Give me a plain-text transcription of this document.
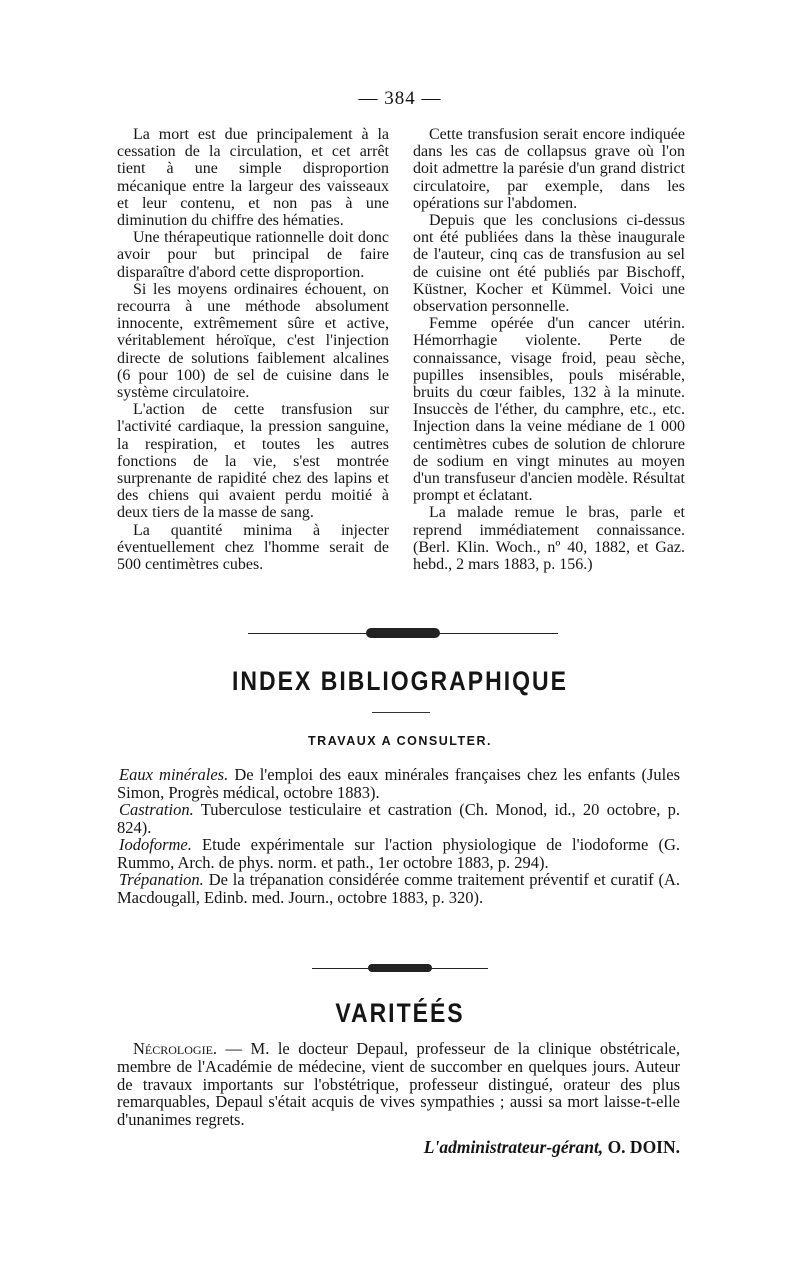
— 384 —

La mort est due principalement à la cessation de la circulation, et cet arrêt tient à une simple disproportion mécanique entre la largeur des vaisseaux et leur contenu, et non pas à une diminution du chiffre des hématies.

Une thérapeutique rationnelle doit donc avoir pour but principal de faire disparaître d'abord cette disproportion.

Si les moyens ordinaires échouent, on recourra à une méthode absolument innocente, extrêmement sûre et active, véritablement héroïque, c'est l'injection directe de solutions faiblement alcalines (6 pour 100) de sel de cuisine dans le système circulatoire.

L'action de cette transfusion sur l'activité cardiaque, la pression sanguine, la respiration, et toutes les autres fonctions de la vie, s'est montrée surprenante de rapidité chez des lapins et des chiens qui avaient perdu moitié à deux tiers de la masse de sang.

La quantité minima à injecter éventuellement chez l'homme serait de 500 centimètres cubes.

Cette transfusion serait encore indiquée dans les cas de collapsus grave où l'on doit admettre la parésie d'un grand district circulatoire, par exemple, dans les opérations sur l'abdomen.

Depuis que les conclusions ci-dessus ont été publiées dans la thèse inaugurale de l'auteur, cinq cas de transfusion au sel de cuisine ont été publiés par Bischoff, Küstner, Kocher et Kümmel. Voici une observation personnelle.

Femme opérée d'un cancer utérin. Hémorrhagie violente. Perte de connaissance, visage froid, peau sèche, pupilles insensibles, pouls misérable, bruits du cœur faibles, 132 à la minute. Insuccès de l'éther, du camphre, etc., etc. Injection dans la veine médiane de 1 000 centimètres cubes de solution de chlorure de sodium en vingt minutes au moyen d'un transfuseur d'ancien modèle. Résultat prompt et éclatant.

La malade remue le bras, parle et reprend immédiatement connaissance. (Berl. Klin. Woch., nº 40, 1882, et Gaz. hebd., 2 mars 1883, p. 156.)

INDEX BIBLIOGRAPHIQUE
TRAVAUX A CONSULTER.

Eaux minérales. De l'emploi des eaux minérales françaises chez les enfants (Jules Simon, Progrès médical, octobre 1883).

Castration. Tuberculose testiculaire et castration (Ch. Monod, id., 20 octobre, p. 824).

Iodoforme. Etude expérimentale sur l'action physiologique de l'iodoforme (G. Rummo, Arch. de phys. norm. et path., 1er octobre 1883, p. 294).

Trépanation. De la trépanation considérée comme traitement préventif et curatif (A. Macdougall, Edinb. med. Journ., octobre 1883, p. 320).

VARITÉÉS
Nécrologie. — M. le docteur Depaul, professeur de la clinique obstétricale, membre de l'Académie de médecine, vient de succomber en quelques jours. Auteur de travaux importants sur l'obstétrique, professeur distingué, orateur des plus remarquables, Depaul s'était acquis de vives sympathies ; aussi sa mort laisse-t-elle d'unanimes regrets.
L'administrateur-gérant, O. DOIN.
